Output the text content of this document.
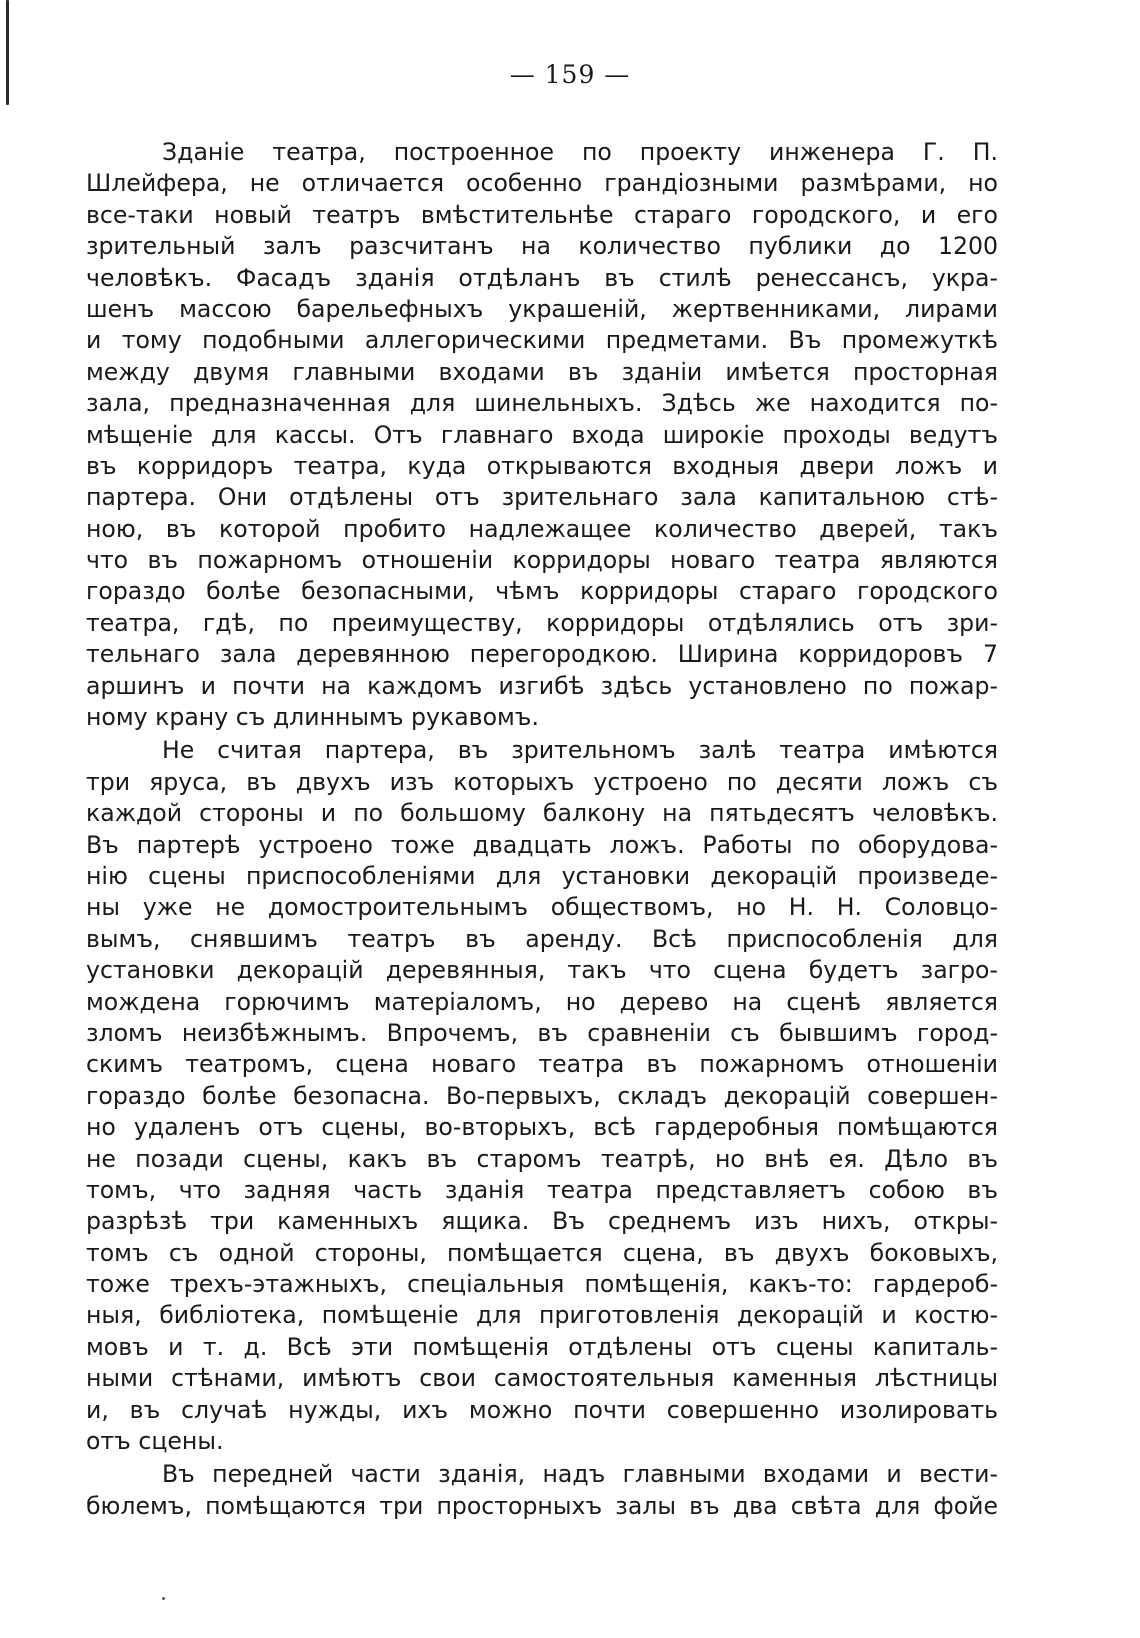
— 159 —
Зданіе театра, построенное по проекту инженера Г. П.
Шлейфера, не отличается особенно грандіозными размѣрами, но
все-таки новый театръ вмѣстительнѣе стараго городского, и его
зрительный залъ разсчитанъ на количество публики до 1200
человѣкъ. Фасадъ зданія отдѣланъ въ стилѣ ренессансъ, укра-
шенъ массою барельефныхъ украшеній, жертвенниками, лирами
и тому подобными аллегорическими предметами. Въ промежуткѣ
между двумя главными входами въ зданіи имѣется просторная
зала, предназначенная для шинельныхъ. Здѣсь же находится по-
мѣщеніе для кассы. Отъ главнаго входа широкіе проходы ведутъ
въ корридоръ театра, куда открываются входныя двери ложъ и
партера. Они отдѣлены отъ зрительнаго зала капитальною стѣ-
ною, въ которой пробито надлежащее количество дверей, такъ
что въ пожарномъ отношеніи корридоры новаго театра являются
гораздо болѣе безопасными, чѣмъ корридоры стараго городского
театра, гдѣ, по преимуществу, корридоры отдѣлялись отъ зри-
тельнаго зала деревянною перегородкою. Ширина корридоровъ 7
аршинъ и почти на каждомъ изгибѣ здѣсь установлено по пожар-
ному крану съ длиннымъ рукавомъ.
Не считая партера, въ зрительномъ залѣ театра имѣются
три яруса, въ двухъ изъ которыхъ устроено по десяти ложъ съ
каждой стороны и по большому балкону на пятьдесятъ человѣкъ.
Въ партерѣ устроено тоже двадцать ложъ. Работы по оборудова-
нію сцены приспособленіями для установки декорацій произведе-
ны уже не домостроительнымъ обществомъ, но Н. Н. Соловцо-
вымъ, снявшимъ театръ въ аренду. Всѣ приспособленія для
установки декорацій деревянныя, такъ что сцена будетъ загро-
мождена горючимъ матеріаломъ, но дерево на сценѣ является
зломъ неизбѣжнымъ. Впрочемъ, въ сравненіи съ бывшимъ город-
скимъ театромъ, сцена новаго театра въ пожарномъ отношеніи
гораздо болѣе безопасна. Во-первыхъ, складъ декорацій совершен-
но удаленъ отъ сцены, во-вторыхъ, всѣ гардеробныя помѣщаются
не позади сцены, какъ въ старомъ театрѣ, но внѣ ея. Дѣло въ
томъ, что задняя часть зданія театра представляетъ собою въ
разрѣзѣ три каменныхъ ящика. Въ среднемъ изъ нихъ, откры-
томъ съ одной стороны, помѣщается сцена, въ двухъ боковыхъ,
тоже трехъ-этажныхъ, спеціальныя помѣщенія, какъ-то: гардероб-
ныя, библіотека, помѣщеніе для приготовленія декорацій и костю-
мовъ и т. д. Всѣ эти помѣщенія отдѣлены отъ сцены капиталь-
ными стѣнами, имѣютъ свои самостоятельныя каменныя лѣстницы
и, въ случаѣ нужды, ихъ можно почти совершенно изолировать
отъ сцены.
Въ передней части зданія, надъ главными входами и вести-
бюлемъ, помѣщаются три просторныхъ залы въ два свѣта для фойе
